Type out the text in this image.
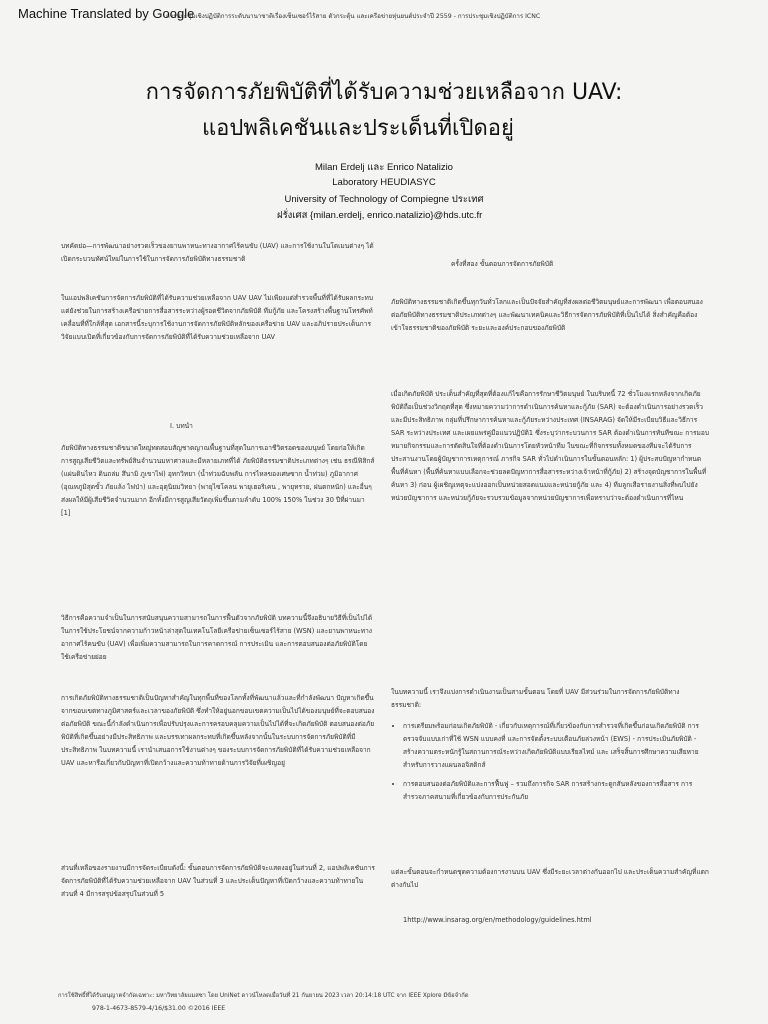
Machine Translated by Google
การประชุมเชิงปฏิบัติการระดับนานาชาติเรื่องเซ็นเซอร์ไร้สาย ตัวกระตุ้น และเครือข่ายหุ่นยนต์ประจำปี 2559 - การประชุมเชิงปฏิบัติการ ICNC
การจัดการภัยพิบัติที่ได้รับความช่วยเหลือจาก UAV:
แอปพลิเคชันและประเด็นที่เปิดอยู่
Milan Erdelj และ Enrico Natalizio
Laboratory HEUDIASYC
University of Technology of Compiegne ประเทศ
ฝรั่งเศส {milan.erdelj, enrico.natalizio}@hds.utc.fr
บทคัดย่อ—การพัฒนาอย่างรวดเร็วของยานพาหนะทางอากาศไร้คนขับ (UAV) และการใช้งานในโดเมนต่างๆ ได้เปิดกระบวนทัศน์ใหม่ในการใช้ในการจัดการภัยพิบัติทางธรรมชาติ
ในแอปพลิเคชันการจัดการภัยพิบัติที่ได้รับความช่วยเหลือจาก UAV UAV ไม่เพียงแต่สำรวจพื้นที่ที่ได้รับผลกระทบ แต่ยังช่วยในการสร้างเครือข่ายการสื่อสารระหว่างผู้รอดชีวิตจากภัยพิบัติ ทีมกู้ภัย และโครงสร้างพื้นฐานโทรศัพท์เคลื่อนที่ที่ใกล้ที่สุด เอกสารนี้ระบุการใช้งานการจัดการภัยพิบัติหลักของเครือข่าย UAV และอภิปรายประเด็นการวิจัยแบบเปิดที่เกี่ยวข้องกับการจัดการภัยพิบัติที่ได้รับความช่วยเหลือจาก UAV
I. บทนำ
ภัยพิบัติทางธรรมชาติขนาดใหญ่ทดสอบสัญชาตญาณพื้นฐานที่สุดในการเอาชีวิตรอดของมนุษย์ โดยก่อให้เกิดการสูญเสียชีวิตและทรัพย์สินจำนวนมหาศาลและมีหลายเภทที่ได้ ภัยพิบัติธรรมชาติประเภทต่างๆ เช่น ธรณีฟิสิกส์ (แผ่นดินไหว ดินถล่ม สึนามิ ภูเขาไฟ) อุทกวิทยา (น้ำท่วมฉับพลัน การไหลของเศษซาก น้ำท่วม) ภูมิอากาศ (อุณหภูมิสุดขั้ว ภัยแล้ง ไฟป่า) และอุตุนิยมวิทยา (พายุไซโคลน พายุเฮอริเคน , พายุทราย, ฝนตกหนัก) และอื่นๆ ส่งผลให้มีผู้เสียชีวิตจำนวนมาก อีกทั้งมีการสูญเสียวัตถุเพิ่มขึ้นตามลำดับ 100% 150% ในช่วง 30 ปีที่ผ่านมา [1]
วิธีการคือความจำเป็นในการสนับสนุนความสามารถในการฟื้นตัวจากภัยพิบัติ บทความนี้จึงอธิบายวิธีที่เป็นไปได้ในการใช้ประโยชน์จากความก้าวหน้าล่าสุดในเทคโนโลยีเครือข่ายเซ็นเซอร์ไร้สาย (WSN) และยานพาหนะทางอากาศไร้คนขับ (UAV) เพื่อเพิ่มความสามารถในการคาดการณ์ การประเมิน และการตอบสนองต่อภัยพิบัติโดยใช้เครือข่ายย่อย
การเกิดภัยพิบัติทางธรรมชาติเป็นปัญหาสำคัญในทุกพื้นที่ของโลกทั้งที่พัฒนาแล้วและที่กำลังพัฒนา ปัญหาเกิดขึ้นจากขอบเขตทางภูมิศาสตร์และเวลาของภัยพิบัติ ซึ่งทำให้อยู่นอกขอบเขตความเป็นไปได้ของมนุษย์ที่จะตอบสนองต่อภัยพิบัติ ขณะนี้กำลังดำเนินการเพื่อปรับปรุงและการครอบคลุมความเป็นไปได้ที่จะเกิดภัยพิบัติ ตอบสนองต่อภัยพิบัติที่เกิดขึ้นอย่างมีประสิทธิภาพ และบรรเทาผลกระทบที่เกิดขึ้นหลังจากนั้นในระบบการจัดการภัยพิบัติที่มีประสิทธิภาพ ในบทความนี้ เรานำเสนอการใช้งานต่างๆ ของระบบการจัดการภัยพิบัติที่ได้รับความช่วยเหลือจาก UAV และหารือเกี่ยวกับปัญหาที่เปิดกว้างและความท้าทายด้านการวิจัยที่เผชิญอยู่
ส่วนที่เหลือของรายงานมีการจัดระเบียบดังนี้: ขั้นตอนการจัดการภัยพิบัติจะแสดงอยู่ในส่วนที่ 2, แอปพลิเคชันการจัดการภัยพิบัติที่ได้รับความช่วยเหลือจาก UAV ในส่วนที่ 3 และประเด็นปัญหาที่เปิดกว้างและความท้าทายในส่วนที่ 4 มีการสรุปข้อสรุปในส่วนที่ 5
ครั้งที่สอง ขั้นตอนการจัดการภัยพิบัติ
ภัยพิบัติทางธรรมชาติเกิดขึ้นทุกวันทั่วโลกและเป็นปัจจัยสำคัญที่ส่งผลต่อชีวิตมนุษย์และการพัฒนา เพื่อตอบสนองต่อภัยพิบัติทางธรรมชาติประเภทต่างๆ และพัฒนาเทคนิคและวิธีการจัดการภัยพิบัติที่เป็นไปได้ สิ่งสำคัญคือต้องเข้าใจธรรมชาติของภัยพิบัติ ระยะและองค์ประกอบของภัยพิบัติ
เมื่อเกิดภัยพิบัติ ประเด็นสำคัญที่สุดที่ต้องแก้ไขคือการรักษาชีวิตมนุษย์ ในบริบทนี้ 72 ชั่วโมงแรกหลังจากเกิดภัยพิบัติถือเป็นช่วงวิกฤตที่สุด ซึ่งหมายความว่าการดำเนินการค้นหาและกู้ภัย (SAR) จะต้องดำเนินการอย่างรวดเร็วและมีประสิทธิภาพ กลุ่มที่ปรึกษาการค้นหาและกู้ภัยระหว่างประเทศ (INSARAG) จัดให้มีระเบียบวิธีและวิธีการ SAR ระหว่างประเทศ และเผยแพร่คู่มือแนวปฏิบัติ1 ซึ่งระบุว่ากระบวนการ SAR ต้องดำเนินการทันทีขณะ การมอบหมายกิจกรรมและการตัดสินใจที่ต้องดำเนินการโดยหัวหน้าทีม ในขณะที่กิจกรรมทั้งหมดของทีมจะได้รับการประสานงานโดยผู้บัญชาการเหตุการณ์ ภารกิจ SAR ทั่วไปดำเนินการในขั้นตอนหลัก: 1) ผู้ประสบปัญหากำหนดพื้นที่ค้นหา (พื้นที่ค้นหาแบบเลือกจะช่วยลดปัญหาการสื่อสารระหว่างเจ้าหน้าที่กู้ภัย) 2) สร้างจุดบัญชาการในพื้นที่ค้นหา 3) ก่อน ผู้เผชิญเหตุจะแบ่งออกเป็นหน่วยสอดแนมและหน่วยกู้ภัย และ 4) ทีมลูกเสือรายงานสิ่งที่พบไปยังหน่วยบัญชาการ และหน่วยกู้ภัยจะรวบรวมข้อมูลจากหน่วยบัญชาการเพื่อทราบว่าจะต้องดำเนินการที่ไหน
ในบทความนี้ เราจึงแบ่งการดำเนินงานเป็นสามขั้นตอน โดยที่ UAV มีส่วนร่วมในการจัดการภัยพิบัติทางธรรมชาติ:
• การเตรียมพร้อมก่อนเกิดภัยพิบัติ - เกี่ยวกับเหตุการณ์ที่เกี่ยวข้องกับการสำรวจที่เกิดขึ้นก่อนเกิดภัยพิบัติ การตรวจจับแบบเก่าที่ใช้ WSN แบบคงที่ และการจัดตั้งระบบเตือนภัยล่วงหน้า (EWS) - การประเมินภัยพิบัติ - สร้างความตระหนักรู้ในสถานการณ์ระหว่างเกิดภัยพิบัติแบบเรียลไทม์ และ เสร็จสิ้นการศึกษาความเสียหาย สำหรับการวางแผนลอจิสติกส์
• การตอบสนองต่อภัยพิบัติและการฟื้นฟู – รวมถึงการกิจ SAR การสร้างกระดูกสันหลังของการสื่อสาร การสำรวจภาคสนามที่เกี่ยวข้องกับการประกันภัย
แต่ละขั้นตอนจะกำหนดชุดความต้องการงานบน UAV ซึ่งมีระยะเวลาต่างกันออกไป และประเด็นความสำคัญที่แตกต่างกันไป
1http://www.insarag.org/en/methodology/guidelines.html
การใช้สิทธิ์ที่ได้รับอนุญาตจำกัดเฉพาะ: มหาวิทยาลัยแมสซา โดย UniNet ดาวน์โหลดเมื่อวันที่ 21 กันยายน 2023 เวลา 20:14:18 UTC จาก IEEE Xplore มีข้อจำกัด
978-1-4673-8579-4/16/$31.00 ©2016 IEEE
